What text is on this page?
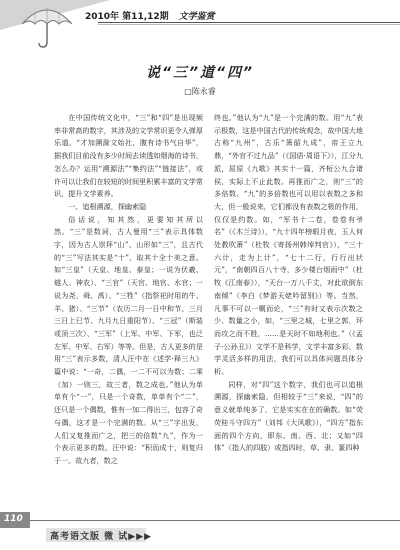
2010年 第11,12期 文学鉴赏
说“三”道“四”
□陈永睿

在中国传统文化中，“三”和“四”是出现频率非常高的数字，其涉及的文学常识更令人弹厚乐道。“才加溯滁文始社，腹有诗书气自华”，据我们目前没有多少时间去读透如烟海的诗书，怎么办？运用“溯源法”“集约法”“链接法”，或许可以让我们在较短的时间里积累丰富的文学常识，提升文学素养。

一、追根溯源，探幽索隐

俗话说，知其然，更要知其所以然。“三”是数词，古人曼用“三”表示具体数字，因为古人崇拜“山”、山形如“三”，且古代的“三”写法其实是“十”，取其十全十美之意。如“三皇”（天皇、地皇、泰皇；一说为伏羲、燧人、神农）、“三官”（天官、地官、水官；一说为尧、舜、禹）、“三牲”（指祭祀时用的牛、羊、猪）、“三节”（农历二月一日中和节、三月三日上巳节、九月九日重阳节）、“三冠”（斯装或顶三次）、“三军”（上军、中军、下军，也泛左军、中军、右军）等等。但是，古人更多的是用“三”表示多数，清人汪中在《述学·释三九》篇中说：“一奇，二偶，一二不可以为数；二乘（加）一则三，故三者，数之成也。”他认为单单有个“一”，只是一个奇数，单单有个“二”，还只是一个偶数，惟有一加二得出三，包容了奇与偶，这才是一个完满的数。从“三”字出发，人们又复推而广之，把三的倍数“九”，作为一个表示更多的数。汪中说：“积而成十，则复归于一。故九者，数之

终也。”他认为“九”是一个完满的数。用“九”表示极数，这是中国古代的传统观念，故中国大地古称“九州”，古乐“箫韶九成”，帝王立九鼎，“外官不过九品”（《国语·周语下》），江分九派，屈原《九歌》其实十一篇，齐桓公九合诸侯，实际上不止此数。再推而广之，则“三”的多倍数、“九”的多倍数也可以用以表数之多和大，但一般说来，它们都没有表数之极的作用，仅仅是约数。如，“军书十二卷，卷卷有爷名”（《木兰诗》），“九十四年榜眼月夜，玉人何处教吹箫”（杜牧《寄扬州韩绰判官》），“三十六计，走为上计”，“七十二行，行行出状元”，“南朝四百八十寺，多少楼台烟雨中”（杜牧《江南春》），“天台一万八千丈，对此欲倒东南倾”（李白《梦游天姥吟留别》）等。当然，凡事不可以一概而论，“三”有时又表示次数之少、数量之小，如，“三里之城，七里之郭，环而攻之而不胜，……是天时不如地利也。”（《孟子·公孙丑》）文学不是科学，文学丰富多彩，数学灵活多样的用法，我们可以具体问题具体分析。

同样，对“四”这个数字，我们也可以追根溯源，探幽索隐，但相较于“三”来说，“四”的意义就单纯多了，它是实实在在的确数。如“荧荧桂斗守四方”（刘邦《大风歌》），“四方”指东面的四个方向，即东、南、西、北；又如“四体”（指人的四肢）或指四时，草、隶、篆四种

110
高考语文版 微 试▶▶▶
